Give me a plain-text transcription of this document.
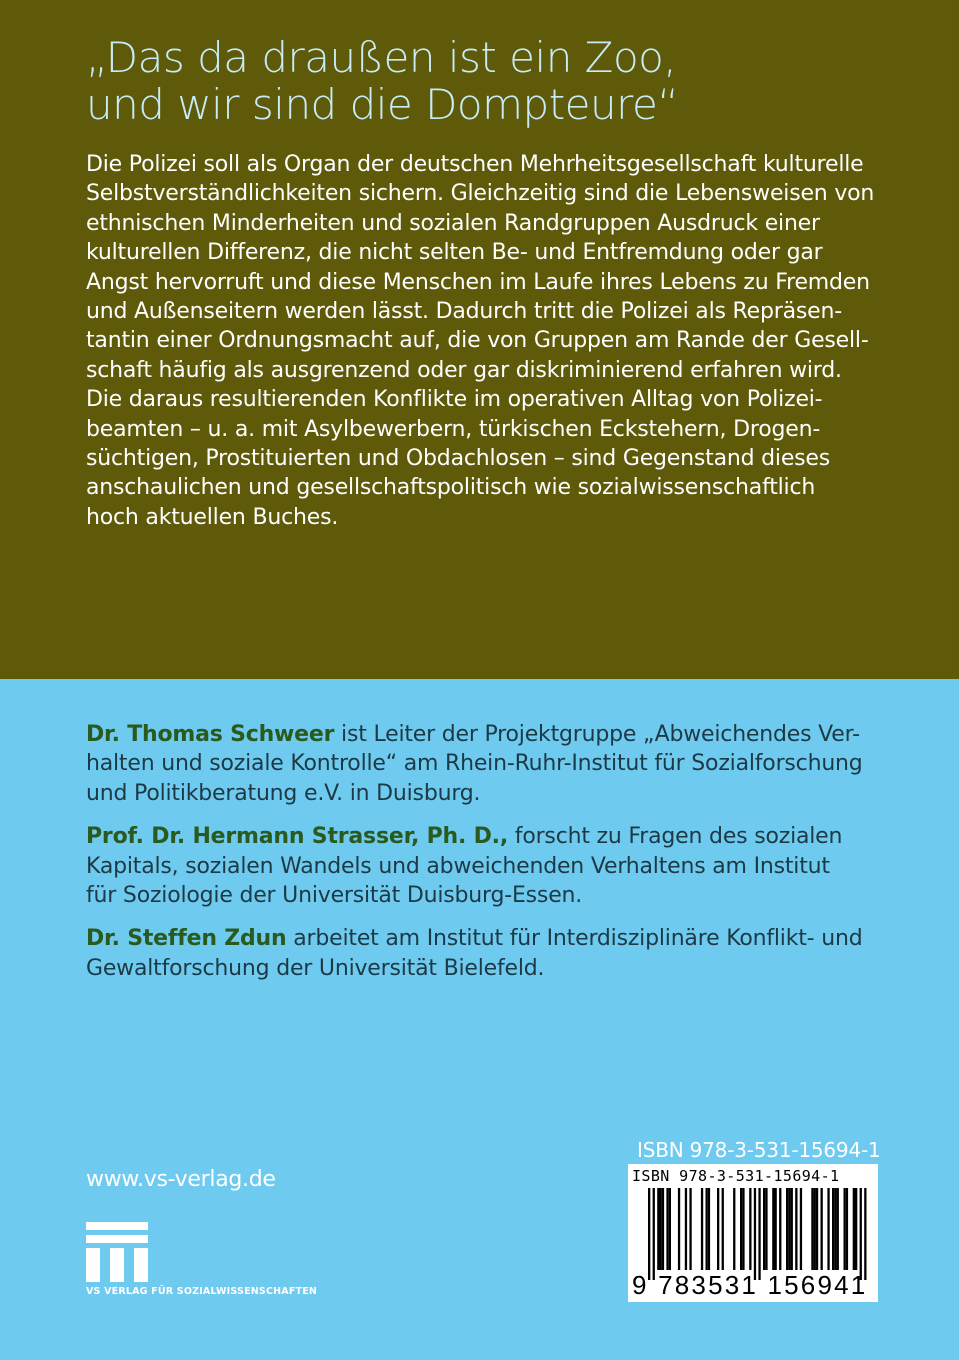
„Das da draußen ist ein Zoo,
und wir sind die Dompteure“
Die Polizei soll als Organ der deutschen Mehrheitsgesellschaft kulturelle
Selbstverständlichkeiten sichern. Gleichzeitig sind die Lebensweisen von
ethnischen Minderheiten und sozialen Randgruppen Ausdruck einer
kulturellen Differenz, die nicht selten Be- und Entfremdung oder gar
Angst hervorruft und diese Menschen im Laufe ihres Lebens zu Fremden
und Außenseitern werden lässt. Dadurch tritt die Polizei als Repräsen-
tantin einer Ordnungsmacht auf, die von Gruppen am Rande der Gesell-
schaft häufig als ausgrenzend oder gar diskriminierend erfahren wird.
Die daraus resultierenden Konflikte im operativen Alltag von Polizei-
beamten – u. a. mit Asylbewerbern, türkischen Eckstehern, Drogen-
süchtigen, Prostituierten und Obdachlosen – sind Gegenstand dieses
anschaulichen und gesellschaftspolitisch wie sozialwissenschaftlich
hoch aktuellen Buches.
Dr. Thomas Schweer ist Leiter der Projektgruppe „Abweichendes Ver-
halten und soziale Kontrolle“ am Rhein-Ruhr-Institut für Sozialforschung
und Politikberatung e.V. in Duisburg.
Prof. Dr. Hermann Strasser, Ph. D., forscht zu Fragen des sozialen
Kapitals, sozialen Wandels und abweichenden Verhaltens am Institut
für Soziologie der Universität Duisburg-Essen.
Dr. Steffen Zdun arbeitet am Institut für Interdisziplinäre Konflikt- und
Gewaltforschung der Universität Bielefeld.
www.vs-verlag.de
VS VERLAG FÜR SOZIALWISSENSCHAFTEN
ISBN 978-3-531-15694-1
ISBN 978-3-531-15694-1
9 783531 156941
